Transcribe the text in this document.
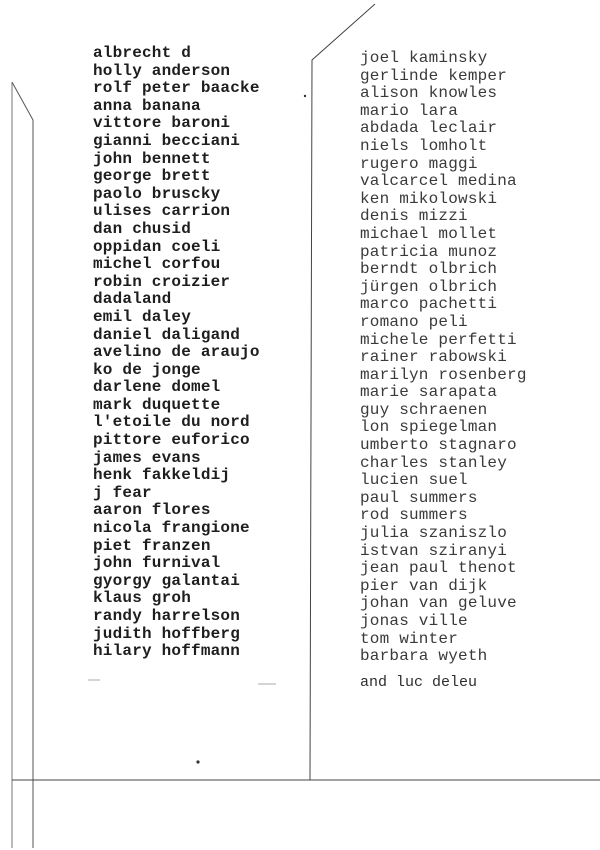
albrecht d
holly anderson
rolf peter baacke
anna banana
vittore baroni
gianni becciani
john bennett
george brett
paolo bruscky
ulises carrion
dan chusid
oppidan coeli
michel corfou
robin croizier
dadaland
emil daley
daniel daligand
avelino de araujo
ko de jonge
darlene domel
mark duquette
l'etoile du nord
pittore euforico
james evans
henk fakkeldij
j fear
aaron flores
nicola frangione
piet franzen
john furnival
gyorgy galantai
klaus groh
randy harrelson
judith hoffberg
hilary hoffmann
joel kaminsky
gerlinde kemper
alison knowles
mario lara
abdada leclair
niels lomholt
rugero maggi
valcarcel medina
ken mikolowski
denis mizzi
michael mollet
patricia munoz
berndt olbrich
jürgen olbrich
marco pachetti
romano peli
michele perfetti
rainer rabowski
marilyn rosenberg
marie sarapata
guy schraenen
lon spiegelman
umberto stagnaro
charles stanley
lucien suel
paul summers
rod summers
julia szaniszlo
istvan sziranyi
jean paul thenot
pier van dijk
johan van geluve
jonas ville
tom winter
barbara wyeth
and luc deleu
